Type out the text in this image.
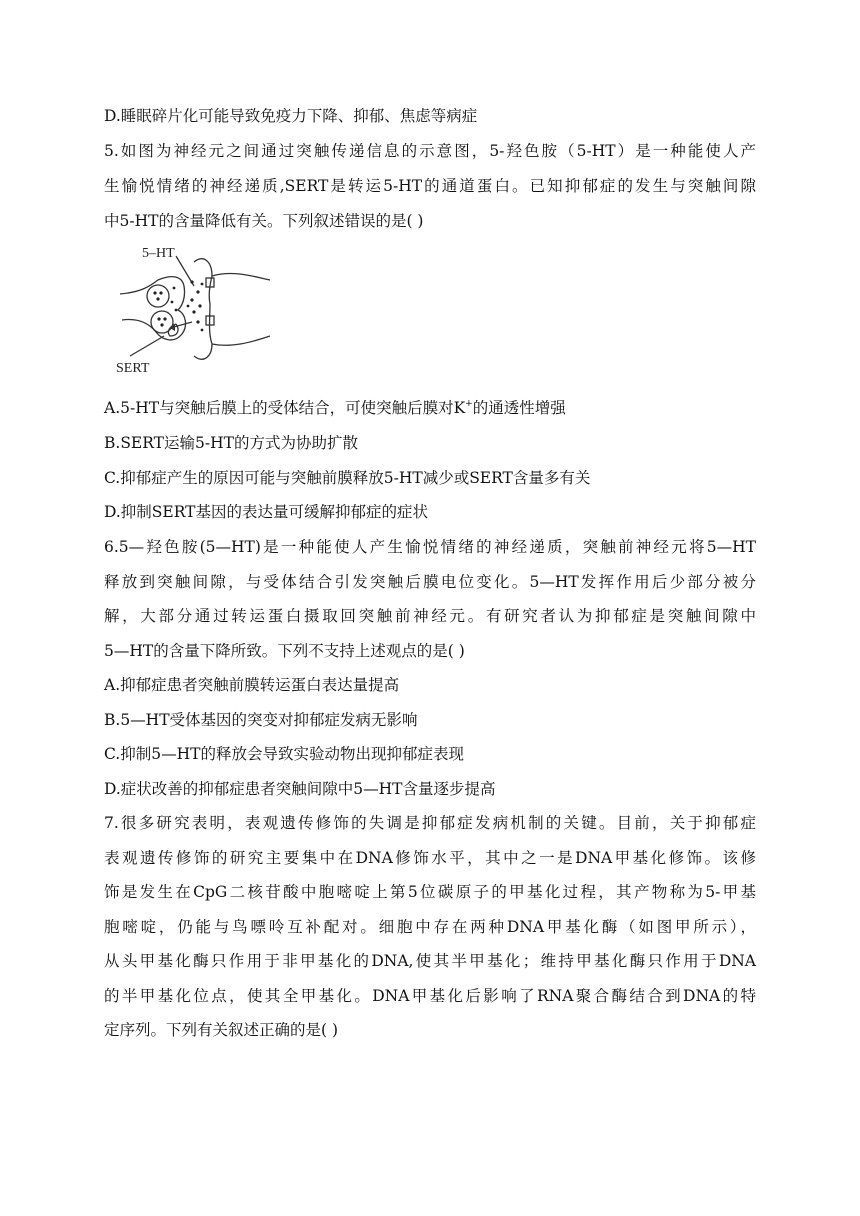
D.睡眠碎片化可能导致免疫力下降、抑郁、焦虑等病症
5.如图为神经元之间通过突触传递信息的示意图，5-羟色胺（5-HT）是一种能使人产
生愉悦情绪的神经递质,SERT是转运5-HT的通道蛋白。已知抑郁症的发生与突触间隙
中5-HT的含量降低有关。下列叙述错误的是( )
5–HT
SERT
A.5-HT与突触后膜上的受体结合，可使突触后膜对K+的通透性增强
B.SERT运输5-HT的方式为协助扩散
C.抑郁症产生的原因可能与突触前膜释放5-HT减少或SERT含量多有关
D.抑制SERT基因的表达量可缓解抑郁症的症状
6.5—羟色胺(5—HT)是一种能使人产生愉悦情绪的神经递质，突触前神经元将5—HT
释放到突触间隙，与受体结合引发突触后膜电位变化。5—HT发挥作用后少部分被分
解，大部分通过转运蛋白摄取回突触前神经元。有研究者认为抑郁症是突触间隙中
5—HT的含量下降所致。下列不支持上述观点的是( )
A.抑郁症患者突触前膜转运蛋白表达量提高
B.5—HT受体基因的突变对抑郁症发病无影响
C.抑制5—HT的释放会导致实验动物出现抑郁症表现
D.症状改善的抑郁症患者突触间隙中5—HT含量逐步提高
7.很多研究表明，表观遗传修饰的失调是抑郁症发病机制的关键。目前，关于抑郁症
表观遗传修饰的研究主要集中在DNA修饰水平，其中之一是DNA甲基化修饰。该修
饰是发生在CpG二核苷酸中胞嘧啶上第5位碳原子的甲基化过程，其产物称为5-甲基
胞嘧啶，仍能与鸟嘌呤互补配对。细胞中存在两种DNA甲基化酶（如图甲所示），
从头甲基化酶只作用于非甲基化的DNA,使其半甲基化；维持甲基化酶只作用于DNA
的半甲基化位点，使其全甲基化。DNA甲基化后影响了RNA聚合酶结合到DNA的特
定序列。下列有关叙述正确的是( )
